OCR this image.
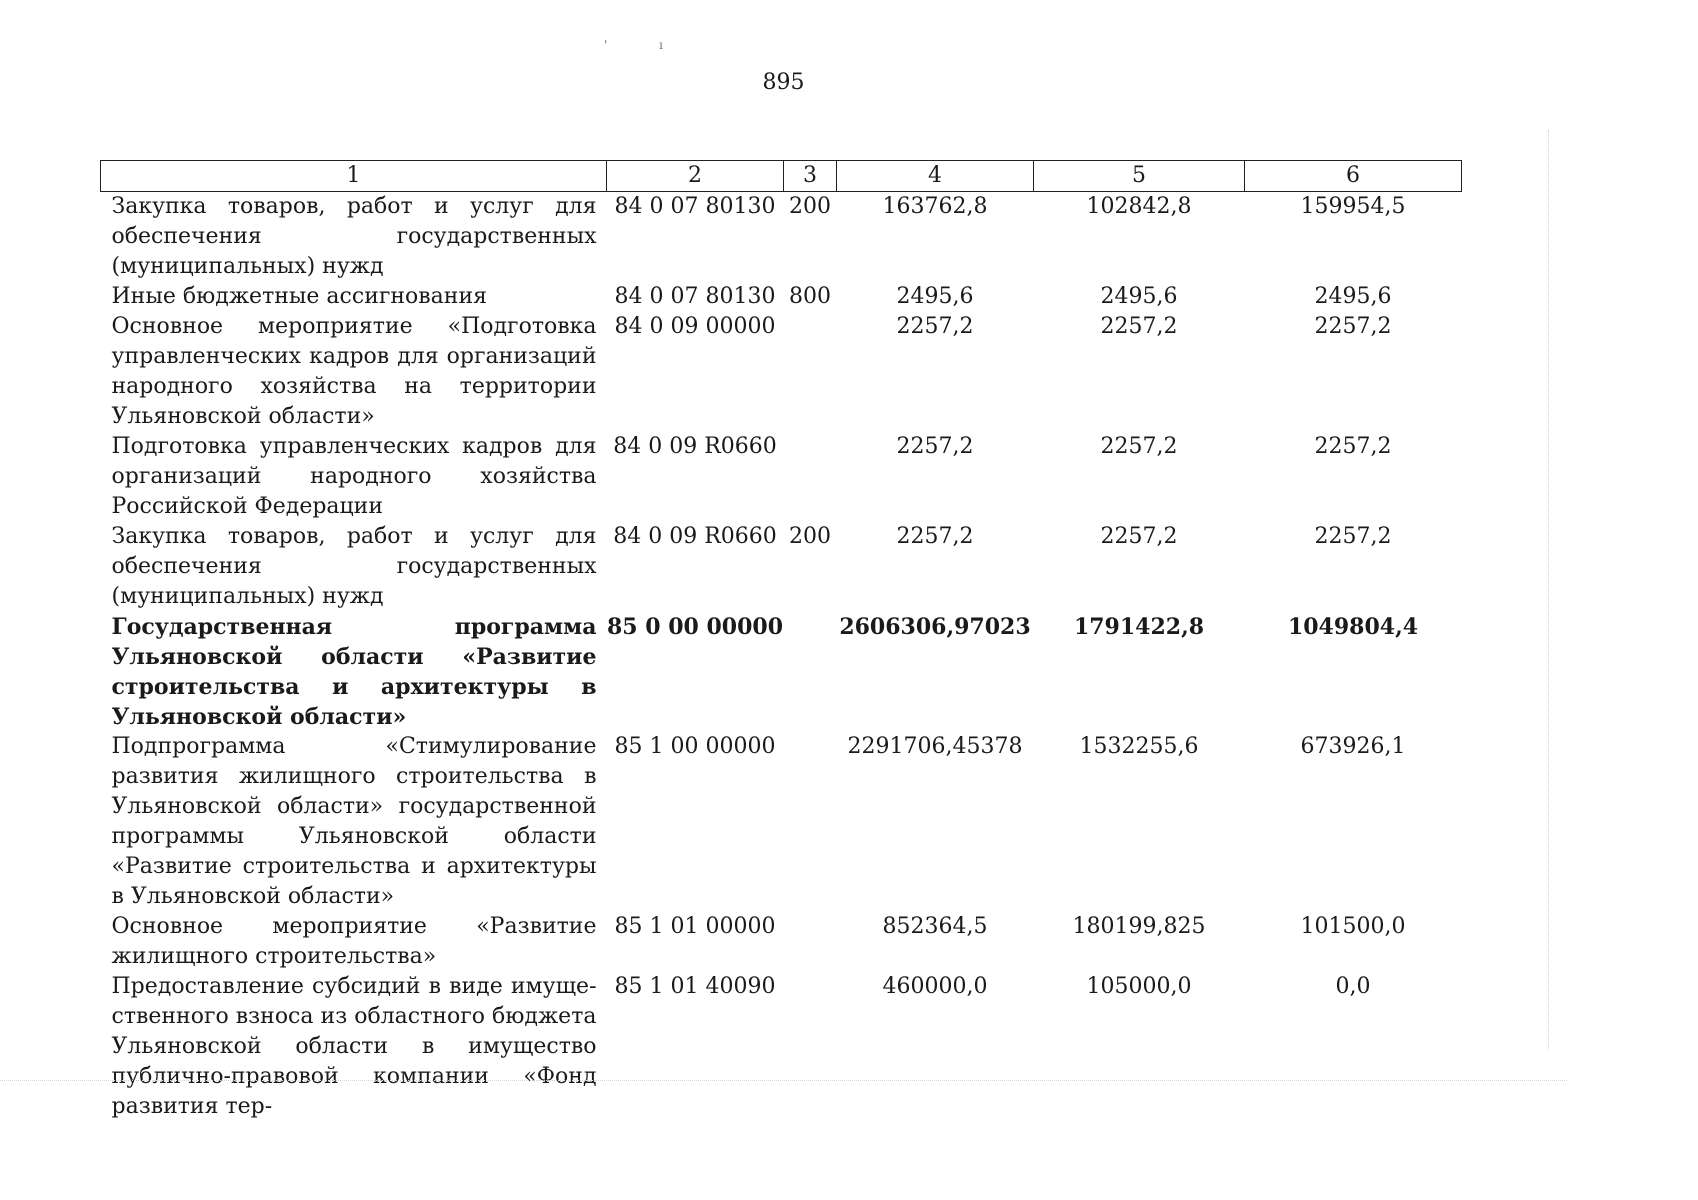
' ı
895
1	2	3	4	5	6
Закупка товаров, работ и услуг для обеспечения государственных (муниципальных) нужд	84 0 07 80130	200	163762,8	102842,8	159954,5
Иные бюджетные ассигнования	84 0 07 80130	800	2495,6	2495,6	2495,6
Основное мероприятие «Подготовка управленческих кадров для организаций народного хозяйства на территории Ульяновской области»	84 0 09 00000		2257,2	2257,2	2257,2
Подготовка управленческих кадров для организаций народного хозяйства Российской Федерации	84 0 09 R0660		2257,2	2257,2	2257,2
Закупка товаров, работ и услуг для обеспечения государственных (муниципальных) нужд	84 0 09 R0660	200	2257,2	2257,2	2257,2
Государственная программа Ульяновской области «Развитие строительства и архитектуры в Ульяновской области»	85 0 00 00000		2606306,97023	1791422,8	1049804,4
Подпрограмма «Стимулирование развития жилищного строительства в Ульяновской области» государственной программы Ульяновской области «Развитие строительства и архитектуры в Ульяновской области»	85 1 00 00000		2291706,45378	1532255,6	673926,1
Основное мероприятие «Развитие жилищного строительства»	85 1 01 00000		852364,5	180199,825	101500,0
Предоставление субсидий в виде имущественного взноса из областного бюджета Ульяновской области в имущество публично-правовой компании «Фонд развития тер-	85 1 01 40090		460000,0	105000,0	0,0
